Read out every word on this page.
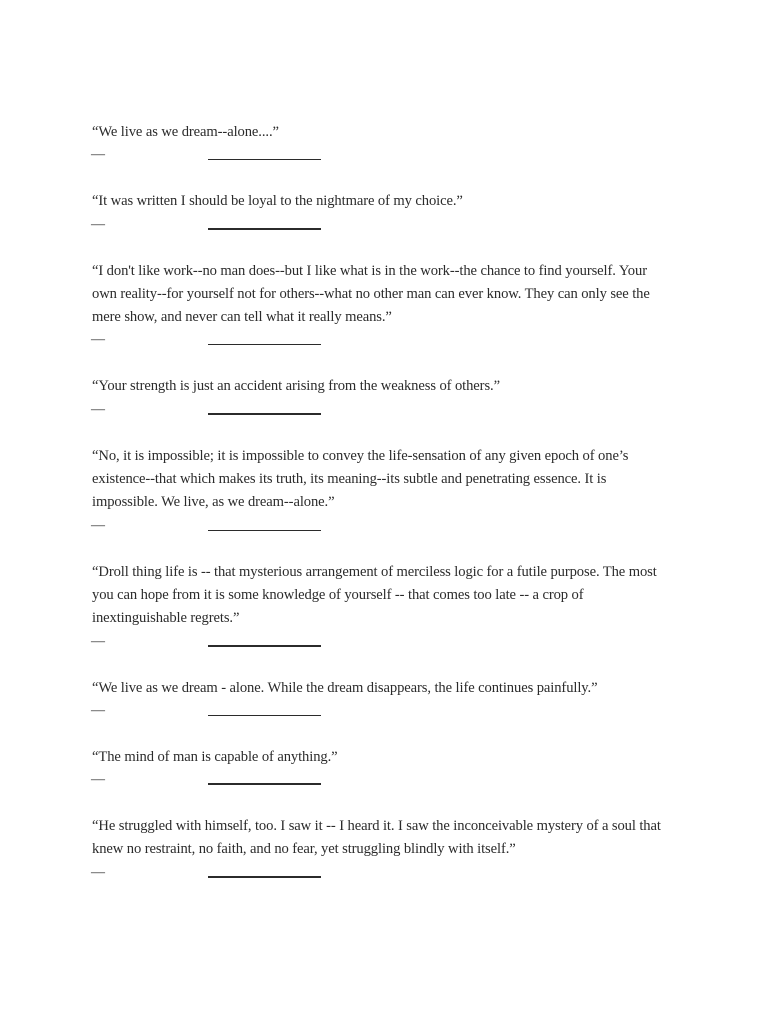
“We live as we dream--alone....”

—

“It was written I should be loyal to the nightmare of my choice.”

—

“I don't like work--no man does--but I like what is in the work--the chance to find yourself. Your own reality--for yourself not for others--what no other man can ever know. They can only see the mere show, and never can tell what it really means.”

—

“Your strength is just an accident arising from the weakness of others.”

—

“No, it is impossible; it is impossible to convey the life-sensation of any given epoch of one’s existence--that which makes its truth, its meaning--its subtle and penetrating essence. It is impossible. We live, as we dream--alone.”

—

“Droll thing life is -- that mysterious arrangement of merciless logic for a futile purpose. The most you can hope from it is some knowledge of yourself -- that comes too late -- a crop of inextinguishable regrets.”

—

“We live as we dream - alone. While the dream disappears, the life continues painfully.”

—

“The mind of man is capable of anything.”

—

“He struggled with himself, too. I saw it -- I heard it. I saw the inconceivable mystery of a soul that knew no restraint, no faith, and no fear, yet struggling blindly with itself.”

—
